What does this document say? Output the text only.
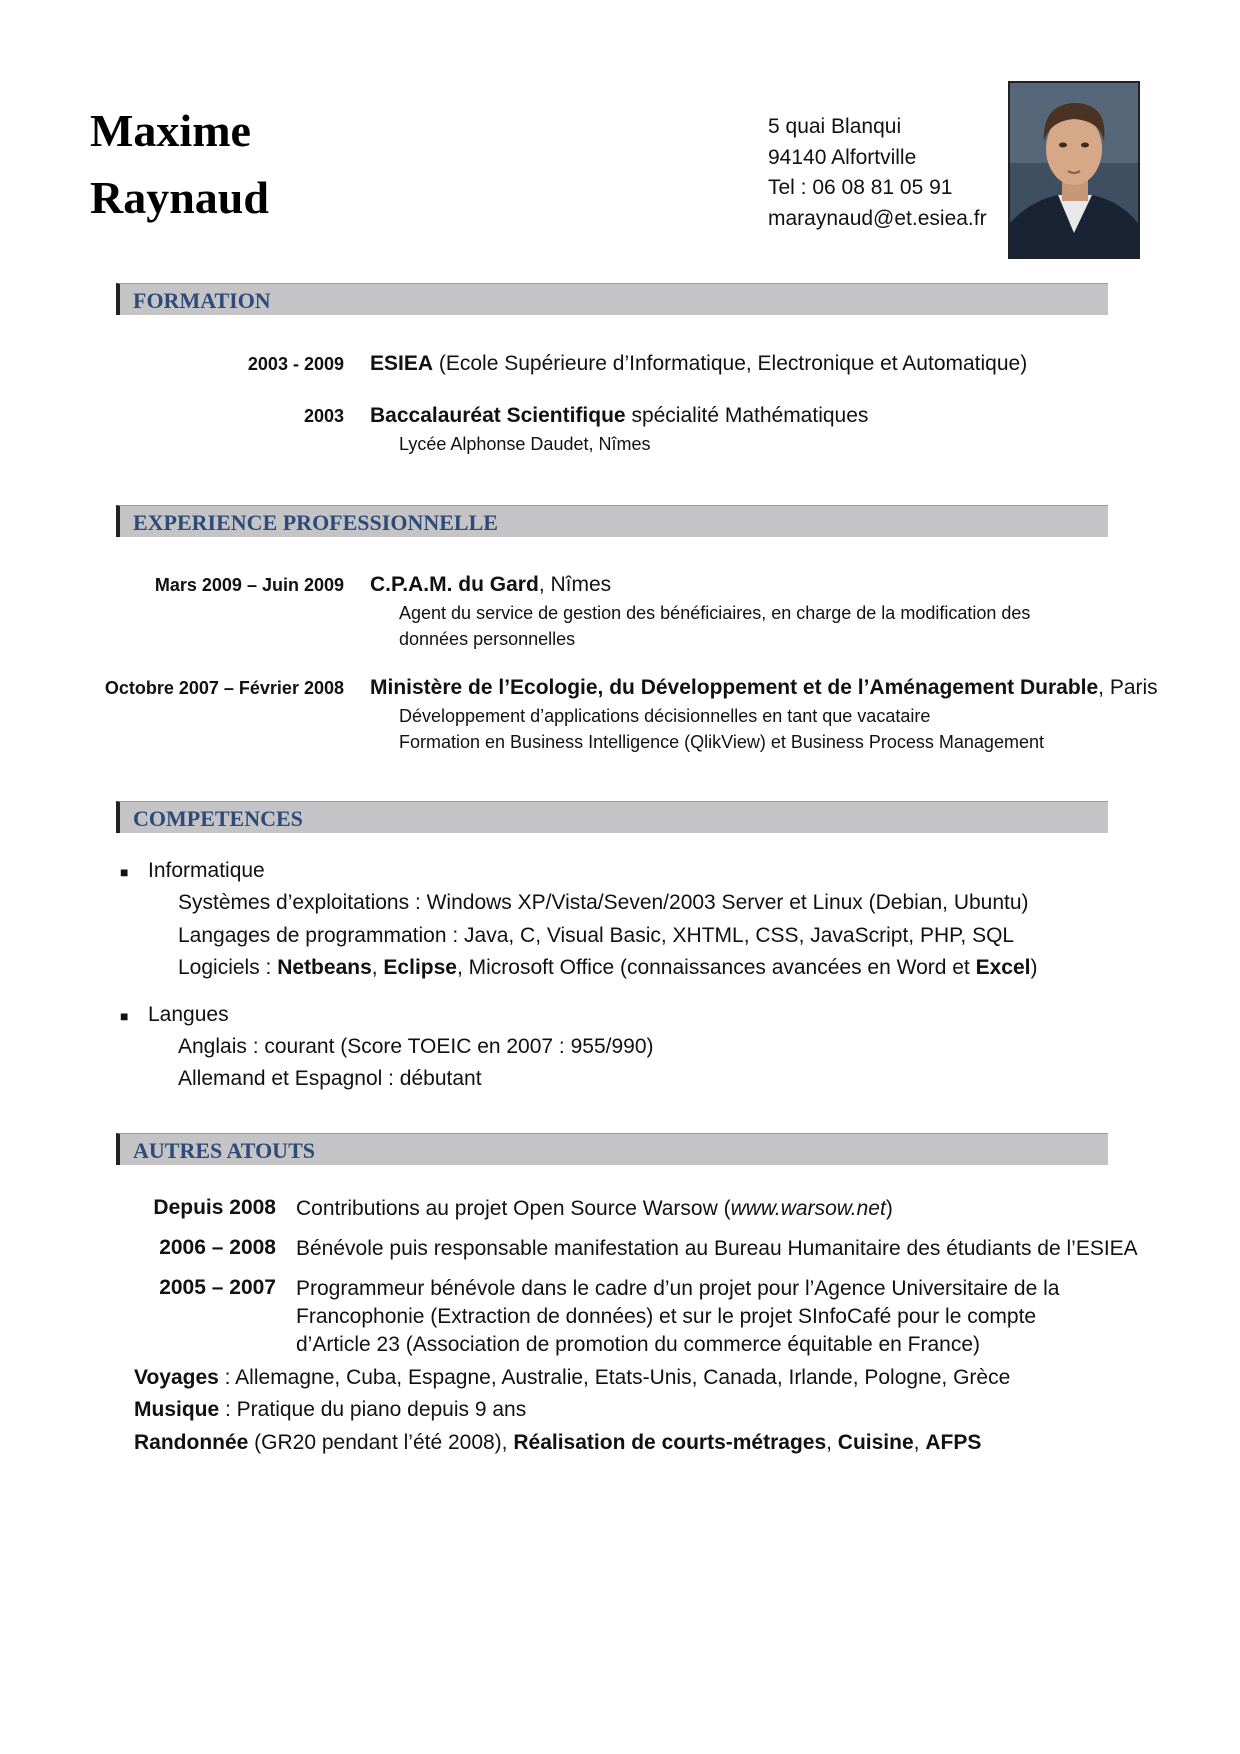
Maxime
Raynaud
5 quai Blanqui
94140 Alfortville
Tel : 06 08 81 05 91
maraynaud@et.esiea.fr
FORMATION
2003 - 2009 ESIEA (Ecole Supérieure d’Informatique, Electronique et Automatique)
2003 Baccalauréat Scientifique spécialité Mathématiques
Lycée Alphonse Daudet, Nîmes
EXPERIENCE PROFESSIONNELLE
Mars 2009 – Juin 2009 C.P.A.M. du Gard, Nîmes
Agent du service de gestion des bénéficiaires, en charge de la modification des
données personnelles
Octobre 2007 – Février 2008 Ministère de l’Ecologie, du Développement et de l’Aménagement Durable, Paris
Développement d’applications décisionnelles en tant que vacataire
Formation en Business Intelligence (QlikView) et Business Process Management
COMPETENCES
■ Informatique
Systèmes d’exploitations : Windows XP/Vista/Seven/2003 Server et Linux (Debian, Ubuntu)
Langages de programmation : Java, C, Visual Basic, XHTML, CSS, JavaScript, PHP, SQL
Logiciels : Netbeans, Eclipse, Microsoft Office (connaissances avancées en Word et Excel)
■ Langues
Anglais : courant (Score TOEIC en 2007 : 955/990)
Allemand et Espagnol : débutant
AUTRES ATOUTS
Depuis 2008 Contributions au projet Open Source Warsow (www.warsow.net)
2006 – 2008 Bénévole puis responsable manifestation au Bureau Humanitaire des étudiants de l’ESIEA
2005 – 2007 Programmeur bénévole dans le cadre d’un projet pour l’Agence Universitaire de la
Francophonie (Extraction de données) et sur le projet SInfoCafé pour le compte
d’Article 23 (Association de promotion du commerce équitable en France)
Voyages : Allemagne, Cuba, Espagne, Australie, Etats-Unis, Canada, Irlande, Pologne, Grèce
Musique : Pratique du piano depuis 9 ans
Randonnée (GR20 pendant l’été 2008), Réalisation de courts-métrages, Cuisine, AFPS
